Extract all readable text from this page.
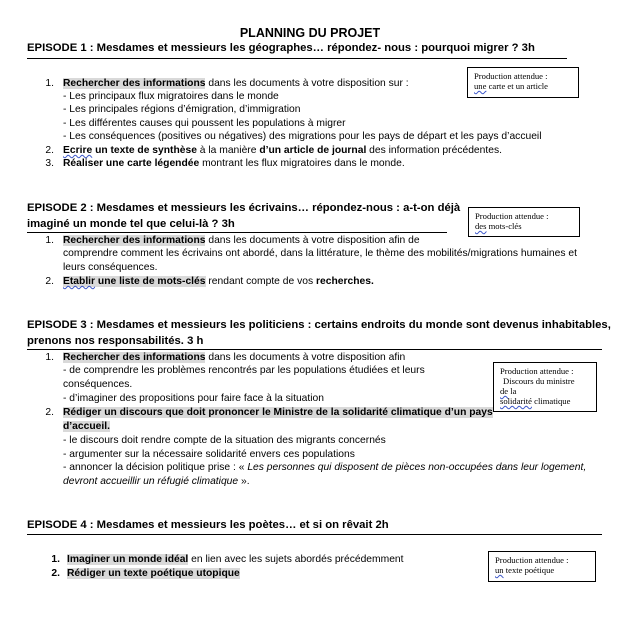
PLANNING DU PROJET
EPISODE 1 : Mesdames et messieurs les géographes… répondez- nous : pourquoi migrer ? 3h
Production attendue :
une carte et un article
1. Rechercher des informations dans les documents à votre disposition sur :
- Les principaux flux migratoires dans le monde
- Les principales régions d’émigration, d’immigration
- Les différentes causes qui poussent les populations à migrer
- Les conséquences (positives ou négatives) des migrations pour les pays de départ et les pays d’accueil
2. Ecrire un texte de synthèse à la manière d’un article de journal des information précédentes.
3. Réaliser une carte légendée montrant les flux migratoires dans le monde.
EPISODE 2 : Mesdames et messieurs les écrivains… répondez-nous : a-t-on déjà
imaginé un monde tel que celui-là ? 3h
Production attendue :
des mots-clés
1. Rechercher des informations dans les documents à votre disposition afin de
comprendre comment les écrivains ont abordé, dans la littérature, le thème des mobilités/migrations humaines et
leurs conséquences.
2. Etablir une liste de mots-clés rendant compte de vos recherches.
EPISODE 3 : Mesdames et messieurs les politiciens : certains endroits du monde sont devenus inhabitables,
prenons nos responsabilités. 3 h
Production attendue :
Discours du ministre
de la
solidarité climatique
1. Rechercher des informations dans les documents à votre disposition afin
- de comprendre les problèmes rencontrés par les populations étudiées et leurs
conséquences.
- d’imaginer des propositions pour faire face à la situation
2. Rédiger un discours que doit prononcer le Ministre de la solidarité climatique d’un pays
d’accueil.
- le discours doit rendre compte de la situation des migrants concernés
- argumenter sur la nécessaire solidarité envers ces populations
- annoncer la décision politique prise : « Les personnes qui disposent de pièces non-occupées dans leur logement,
devront accueillir un réfugié climatique ».
EPISODE 4 : Mesdames et messieurs les poètes… et si on rêvait 2h
Production attendue :
un texte poétique
1. Imaginer un monde idéal en lien avec les sujets abordés précédemment
2. Rédiger un texte poétique utopique
